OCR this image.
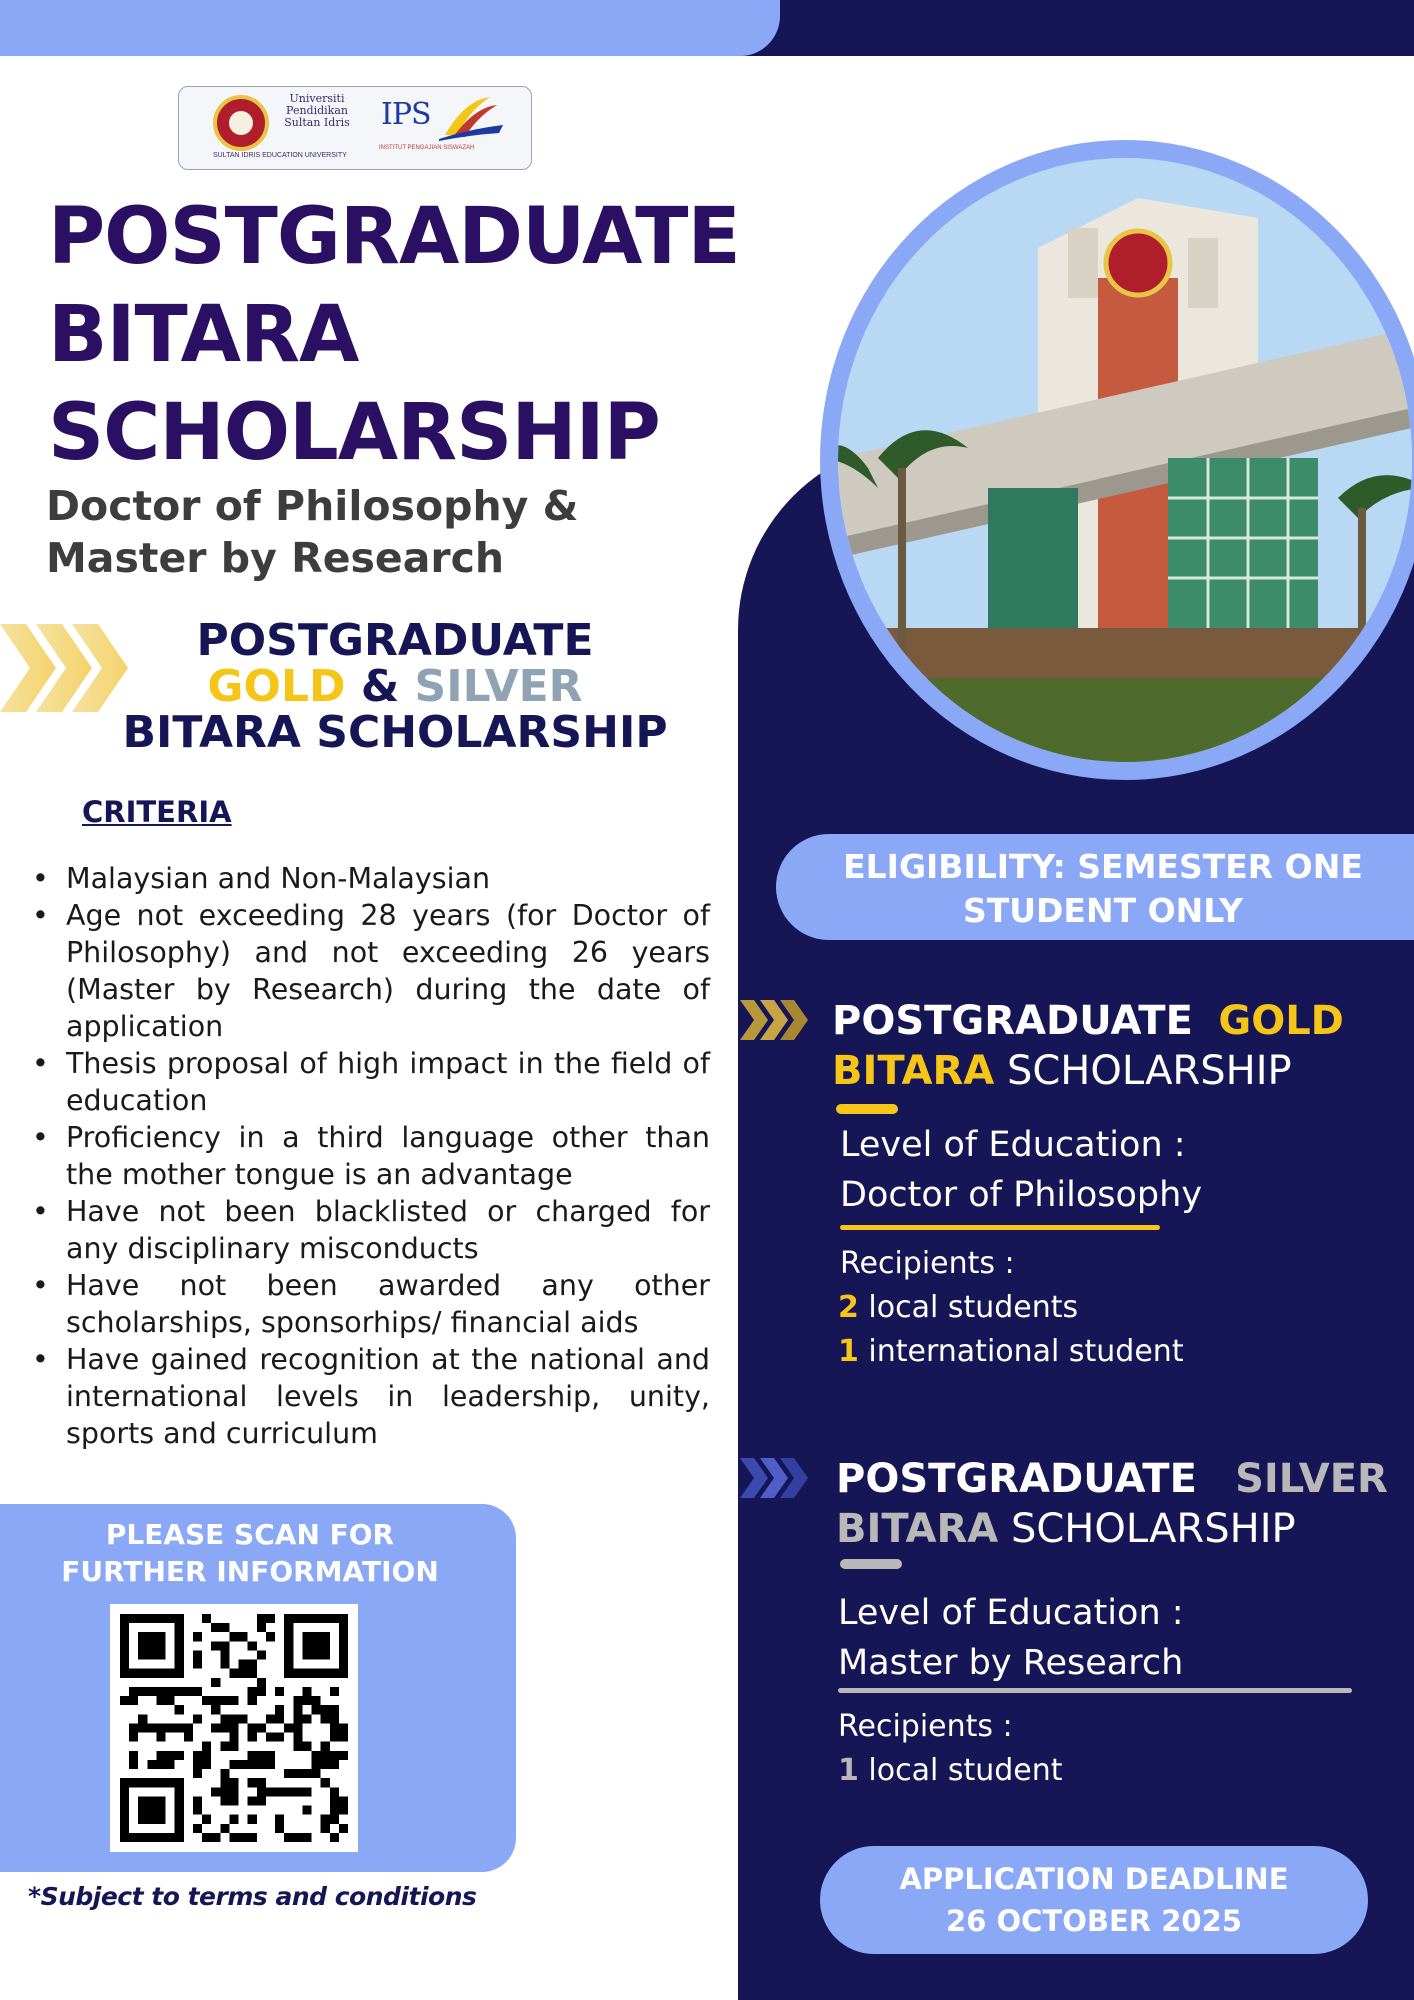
Universiti Pendidikan Sultan Idris
SULTAN IDRIS EDUCATION UNIVERSITY
IPS
INSTITUT PENGAJIAN SISWAZAH
POSTGRADUATE
BITARA
SCHOLARSHIP
Doctor of Philosophy &
Master by Research
POSTGRADUATE
GOLD & SILVER
BITARA SCHOLARSHIP
CRITERIA
• Malaysian and Non-Malaysian
• Age not exceeding 28 years (for Doctor of Philosophy) and not exceeding 26 years (Master by Research) during the date of application
• Thesis proposal of high impact in the field of education
• Proficiency in a third language other than the mother tongue is an advantage
• Have not been blacklisted or charged for any disciplinary misconducts
• Have not been awarded any other scholarships, sponsorhips/ financial aids
• Have gained recognition at the national and international levels in leadership, unity, sports and curriculum
PLEASE SCAN FOR
FURTHER INFORMATION
*Subject to terms and conditions
ELIGIBILITY: SEMESTER ONE
STUDENT ONLY
POSTGRADUATE GOLD
BITARA SCHOLARSHIP
Level of Education :
Doctor of Philosophy
Recipients :
2 local students
1 international student
POSTGRADUATE SILVER
BITARA SCHOLARSHIP
Level of Education :
Master by Research
Recipients :
1 local student
APPLICATION DEADLINE
26 OCTOBER 2025
